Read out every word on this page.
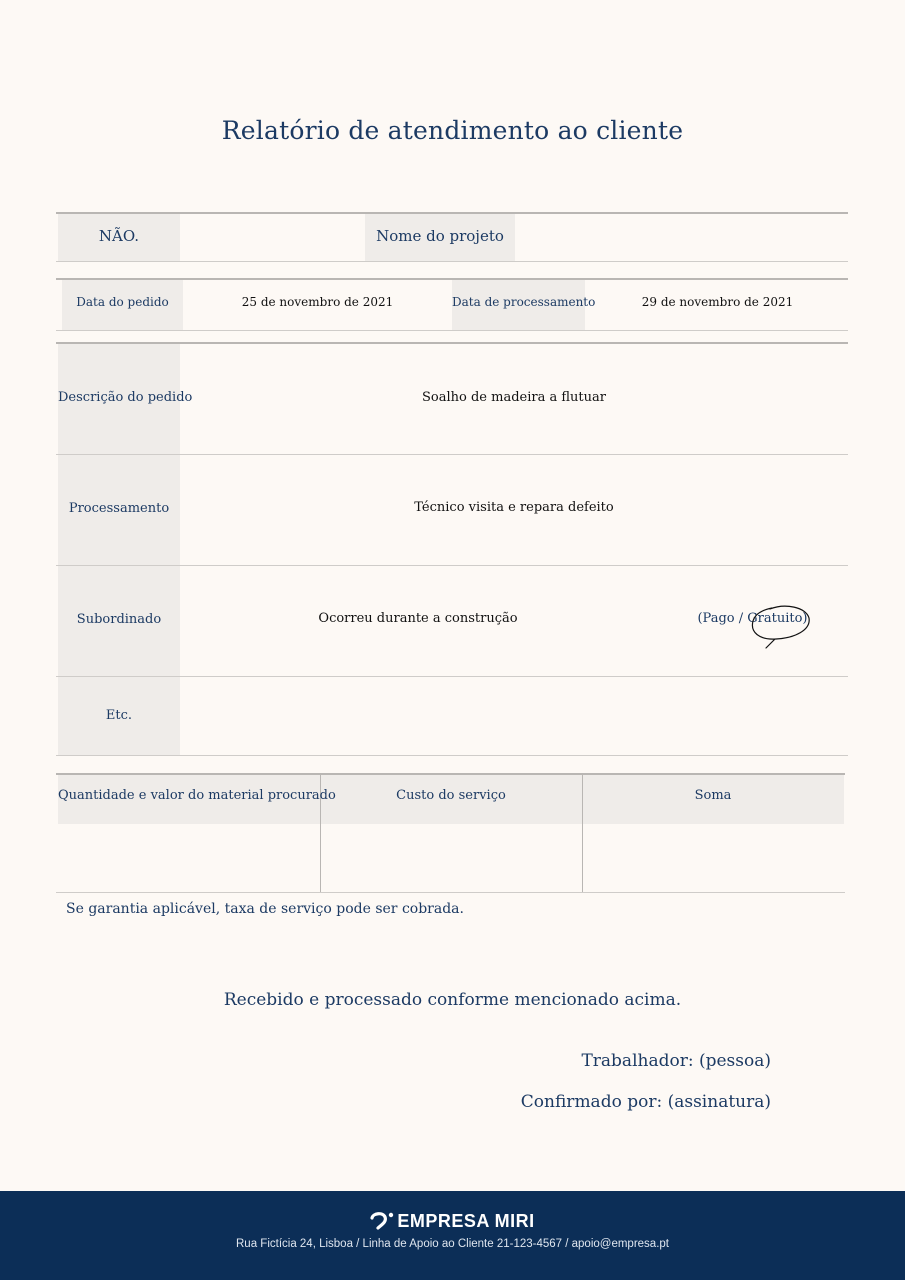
Relatório de atendimento ao cliente
NÃO.	Nome do projeto
Data do pedido	25 de novembro de 2021	Data de processamento	29 de novembro de 2021
Descrição do pedido	Soalho de madeira a flutuar
Processamento	Técnico visita e repara defeito
Subordinado	Ocorreu durante a construção	(Pago / Gratuito)
Etc.
Quantidade e valor do material procurado	Custo do serviço	Soma
Se garantia aplicável, taxa de serviço pode ser cobrada.
Recebido e processado conforme mencionado acima.
Trabalhador: (pessoa)
Confirmado por: (assinatura)
EMPRESA MIRI
Rua Fictícia 24, Lisboa / Linha de Apoio ao Cliente 21-123-4567 / apoio@empresa.pt
